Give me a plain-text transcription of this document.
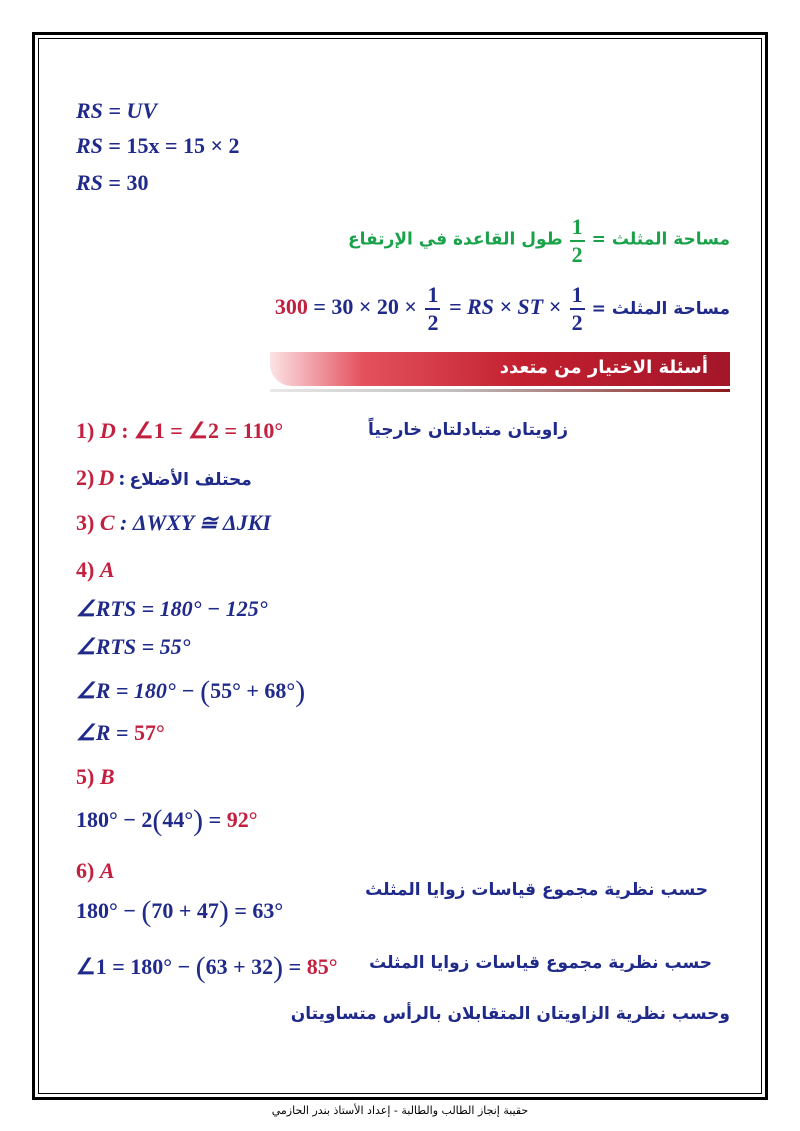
RS = UV
RS = 15x = 15 × 2
RS = 30
مساحة المثلث =
$\frac{1}{2}$
طول القاعدة في الإرتفاع
مساحة المثلث = $300 = 30 \times 20 \times \frac{1}{2}$ = RS × ST × $\frac{1}{2}$
أسئلة الاختيار من متعدد
1) D : ∠1 = ∠2 = 110°	زاويتان متبادلتان خارجياً
2) D : محتلف الأضلاع
3) C : ΔWXY ≅ ΔJKI
4) A
∠RTS = 180° − 125°
∠RTS = 55°
∠R = 180° − (55° + 68°)
∠R = 57°
5) B
180° − 2(44°) = 92°
6) A
180° − (70 + 47) = 63°
حسب نظرية مجموع قياسات زوايا المثلث
∠1 = 180° − (63 + 32) = 85° حسب نظرية مجموع قياسات زوايا المثلث
وحسب نظرية الزاويتان المتقابلان بالرأس متساويتان
حقيبة إنجاز الطالب والطالبة - إعداد الأستاذ بندر الحازمي
